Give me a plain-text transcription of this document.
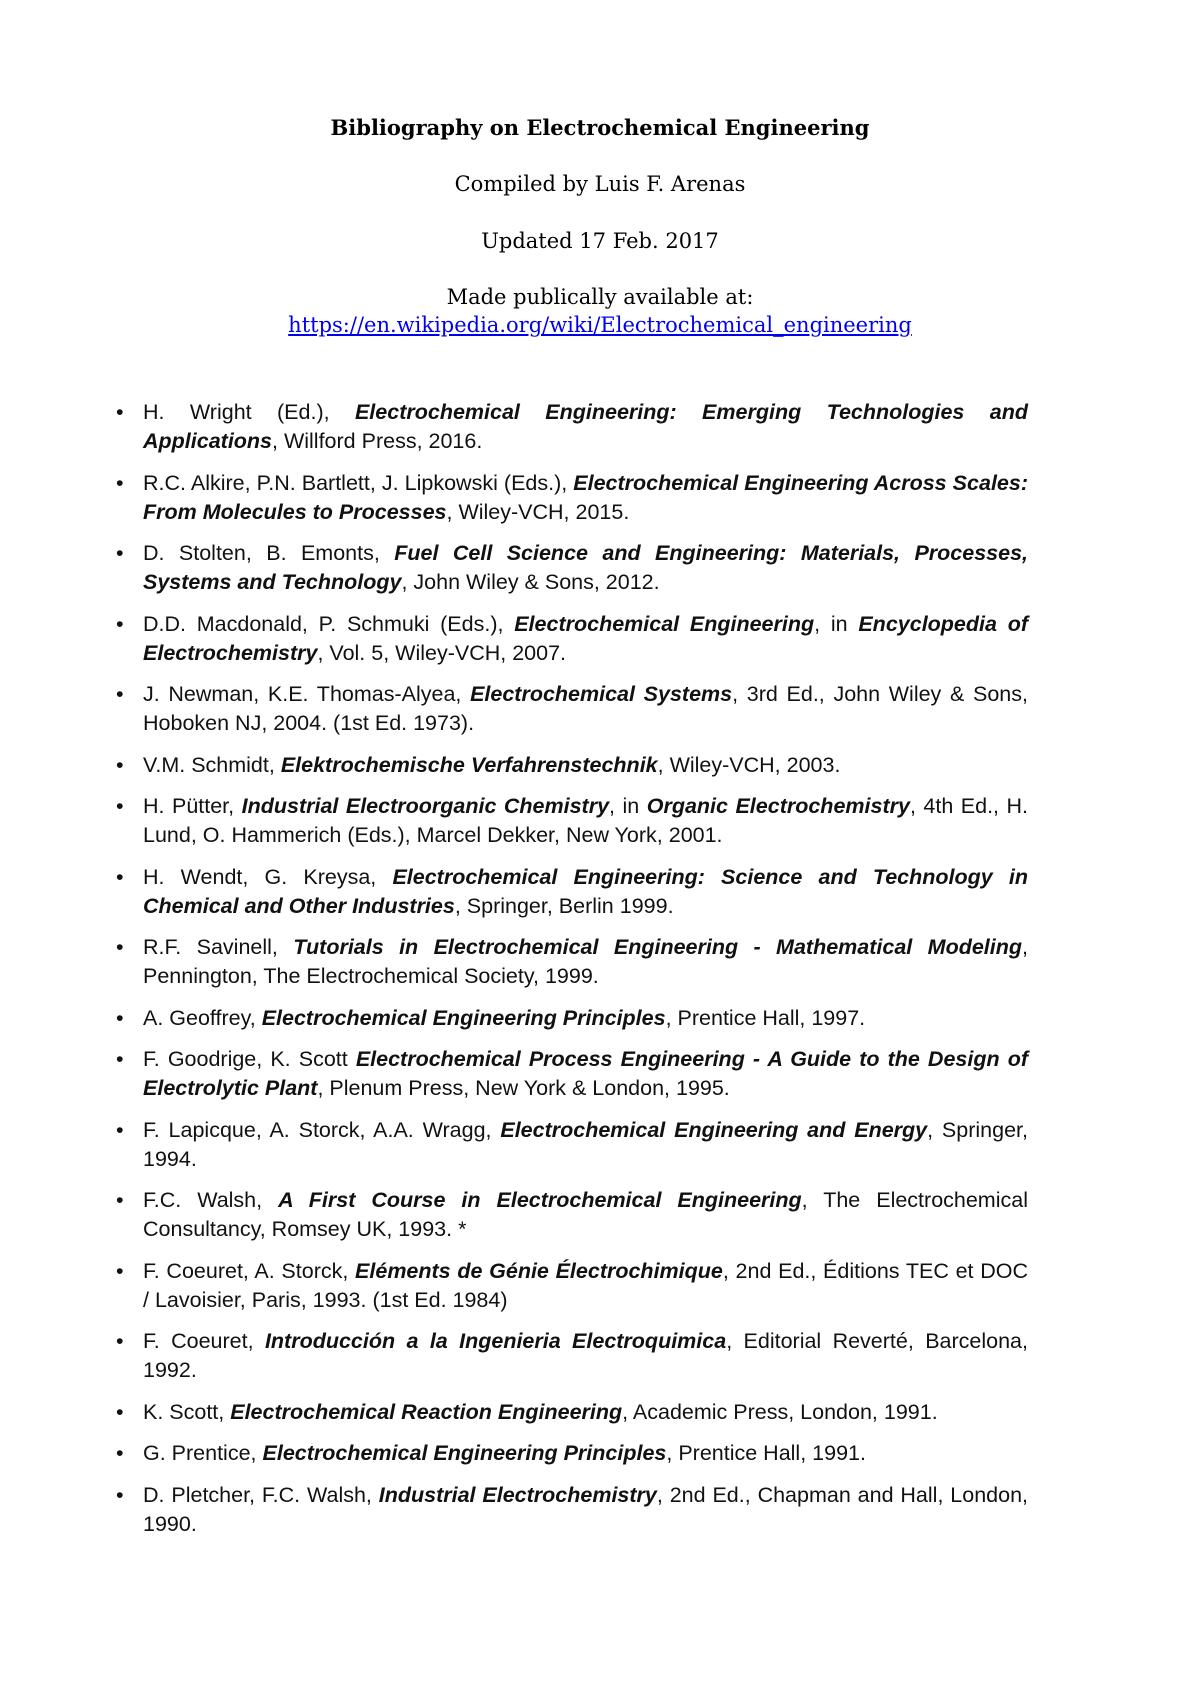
Bibliography on Electrochemical Engineering
Compiled by Luis F. Arenas
Updated 17 Feb. 2017
Made publically available at:
https://en.wikipedia.org/wiki/Electrochemical_engineering
• H. Wright (Ed.), Electrochemical Engineering: Emerging Technologies and Applications, Willford Press, 2016.
• R.C. Alkire, P.N. Bartlett, J. Lipkowski (Eds.), Electrochemical Engineering Across Scales: From Molecules to Processes, Wiley-VCH, 2015.
• D. Stolten, B. Emonts, Fuel Cell Science and Engineering: Materials, Processes, Systems and Technology, John Wiley & Sons, 2012.
• D.D. Macdonald, P. Schmuki (Eds.), Electrochemical Engineering, in Encyclopedia of Electrochemistry, Vol. 5, Wiley-VCH, 2007.
• J. Newman, K.E. Thomas-Alyea, Electrochemical Systems, 3rd Ed., John Wiley & Sons, Hoboken NJ, 2004. (1st Ed. 1973).
• V.M. Schmidt, Elektrochemische Verfahrenstechnik, Wiley-VCH, 2003.
• H. Pütter, Industrial Electroorganic Chemistry, in Organic Electrochemistry, 4th Ed., H. Lund, O. Hammerich (Eds.), Marcel Dekker, New York, 2001.
• H. Wendt, G. Kreysa, Electrochemical Engineering: Science and Technology in Chemical and Other Industries, Springer, Berlin 1999.
• R.F. Savinell, Tutorials in Electrochemical Engineering - Mathematical Modeling, Pennington, The Electrochemical Society, 1999.
• A. Geoffrey, Electrochemical Engineering Principles, Prentice Hall, 1997.
• F. Goodrige, K. Scott Electrochemical Process Engineering - A Guide to the Design of Electrolytic Plant, Plenum Press, New York & London, 1995.
• F. Lapicque, A. Storck, A.A. Wragg, Electrochemical Engineering and Energy, Springer, 1994.
• F.C. Walsh, A First Course in Electrochemical Engineering, The Electrochemical Consultancy, Romsey UK, 1993. *
• F. Coeuret, A. Storck, Eléments de Génie Électrochimique, 2nd Ed., Éditions TEC et DOC / Lavoisier, Paris, 1993. (1st Ed. 1984)
• F. Coeuret, Introducción a la Ingenieria Electroquimica, Editorial Reverté, Barcelona, 1992.
• K. Scott, Electrochemical Reaction Engineering, Academic Press, London, 1991.
• G. Prentice, Electrochemical Engineering Principles, Prentice Hall, 1991.
• D. Pletcher, F.C. Walsh, Industrial Electrochemistry, 2nd Ed., Chapman and Hall, London, 1990.
